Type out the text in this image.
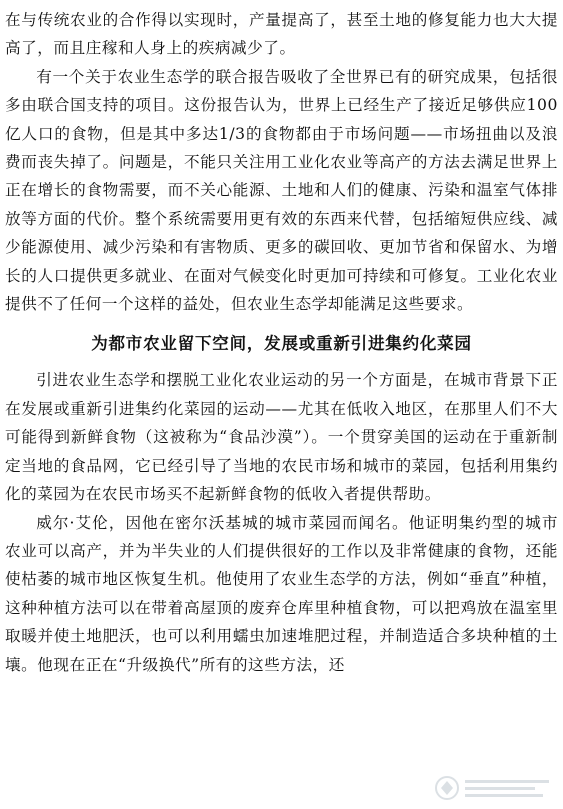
在与传统农业的合作得以实现时，产量提高了，甚至土地的修复能力也大大提高了，而且庄稼和人身上的疾病减少了。

有一个关于农业生态学的联合报告吸收了全世界已有的研究成果，包括很多由联合国支持的项目。这份报告认为，世界上已经生产了接近足够供应100亿人口的食物，但是其中多达1/3的食物都由于市场问题——市场扭曲以及浪费而丧失掉了。问题是，不能只关注用工业化农业等高产的方法去满足世界上正在增长的食物需要，而不关心能源、土地和人们的健康、污染和温室气体排放等方面的代价。整个系统需要用更有效的东西来代替，包括缩短供应线、减少能源使用、减少污染和有害物质、更多的碳回收、更加节省和保留水、为增长的人口提供更多就业、在面对气候变化时更加可持续和可修复。工业化农业提供不了任何一个这样的益处，但农业生态学却能满足这些要求。

为都市农业留下空间，发展或重新引进集约化菜园

引进农业生态学和摆脱工业化农业运动的另一个方面是，在城市背景下正在发展或重新引进集约化菜园的运动——尤其在低收入地区，在那里人们不大可能得到新鲜食物（这被称为“食品沙漠”）。一个贯穿美国的运动在于重新制定当地的食品网，它已经引导了当地的农民市场和城市的菜园，包括利用集约化的菜园为在农民市场买不起新鲜食物的低收入者提供帮助。

威尔·艾伦，因他在密尔沃基城的城市菜园而闻名。他证明集约型的城市农业可以高产，并为半失业的人们提供很好的工作以及非常健康的食物，还能使枯萎的城市地区恢复生机。他使用了农业生态学的方法，例如“垂直”种植，这种种植方法可以在带着高屋顶的废弃仓库里种植食物，可以把鸡放在温室里取暖并使土地肥沃，也可以利用蠕虫加速堆肥过程，并制造适合多块种植的土壤。他现在正在“升级换代”所有的这些方法，还
